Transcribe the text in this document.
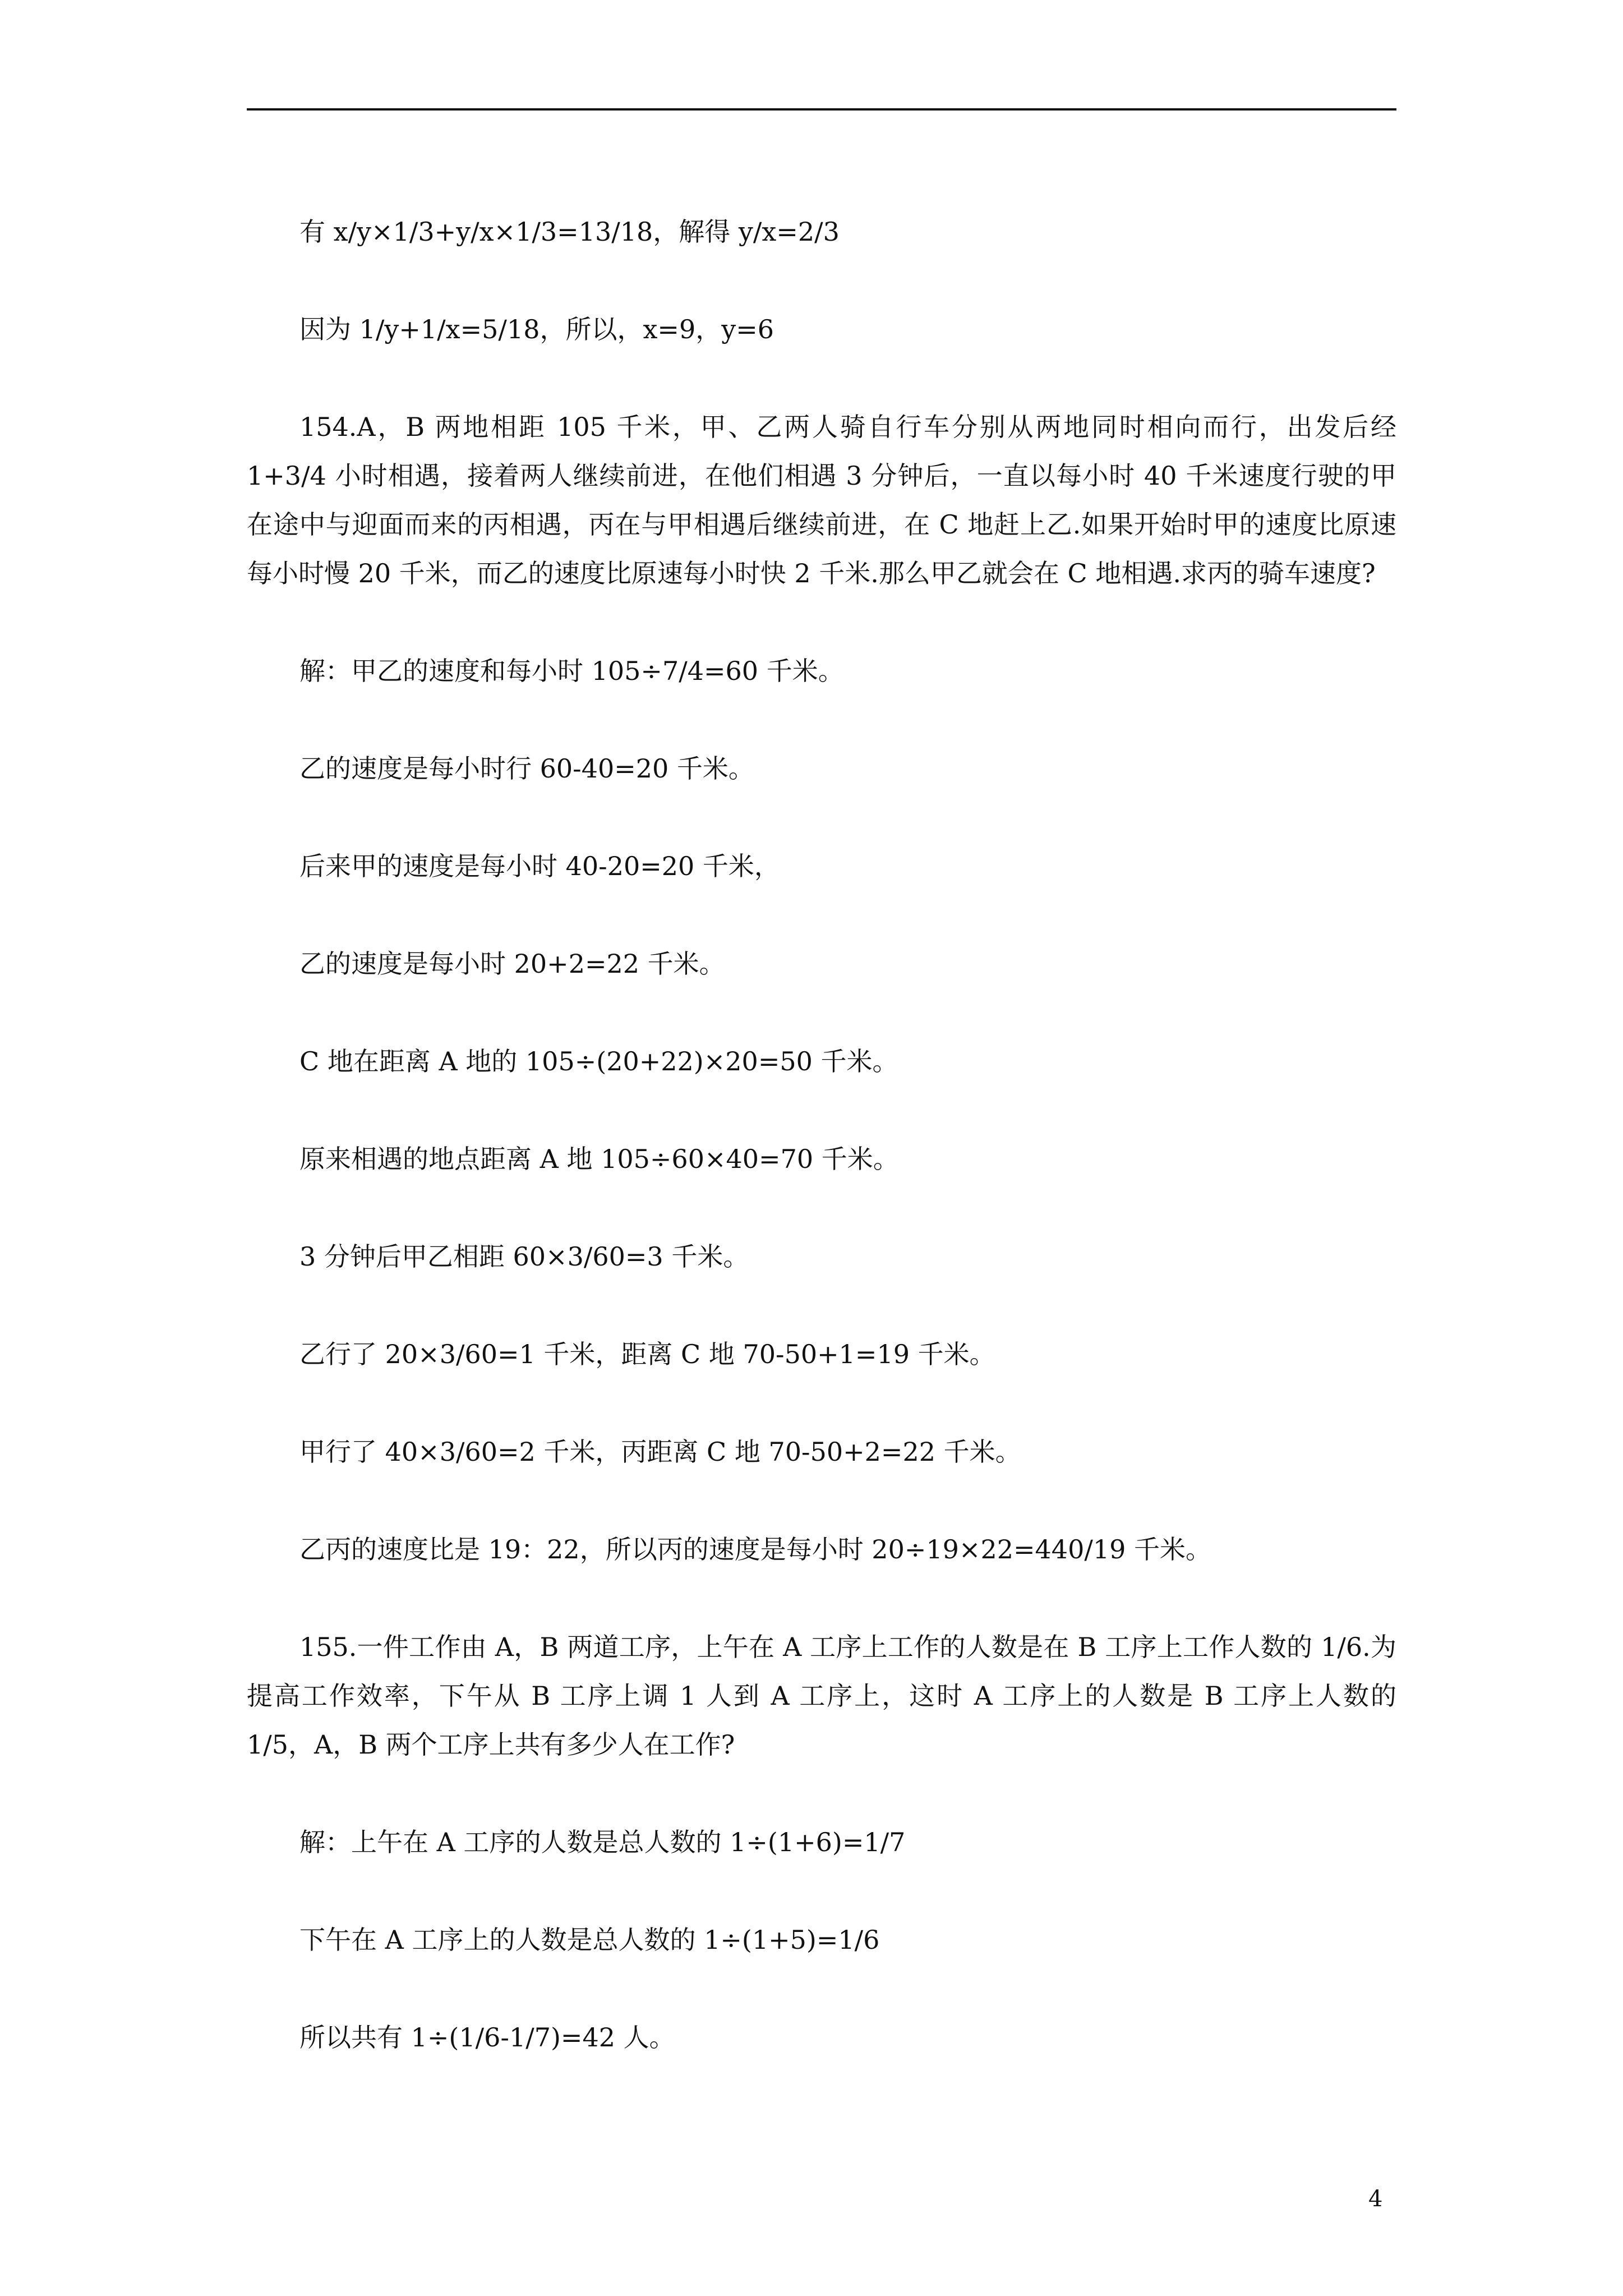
有 x/y×1/3+y/x×1/3=13/18，解得 y/x=2/3

因为 1/y+1/x=5/18，所以，x=9，y=6

154.A，B 两地相距 105 千米，甲、乙两人骑自行车分别从两地同时相向而行，出发后经 1+3/4 小时相遇，接着两人继续前进，在他们相遇 3 分钟后，一直以每小时 40 千米速度行驶的甲在途中与迎面而来的丙相遇，丙在与甲相遇后继续前进，在 C 地赶上乙.如果开始时甲的速度比原速每小时慢 20 千米，而乙的速度比原速每小时快 2 千米.那么甲乙就会在 C 地相遇.求丙的骑车速度?

解：甲乙的速度和每小时 105÷7/4=60 千米。

乙的速度是每小时行 60-40=20 千米。

后来甲的速度是每小时 40-20=20 千米，

乙的速度是每小时 20+2=22 千米。

C 地在距离 A 地的 105÷(20+22)×20=50 千米。

原来相遇的地点距离 A 地 105÷60×40=70 千米。

3 分钟后甲乙相距 60×3/60=3 千米。

乙行了 20×3/60=1 千米，距离 C 地 70-50+1=19 千米。

甲行了 40×3/60=2 千米，丙距离 C 地 70-50+2=22 千米。

乙丙的速度比是 19：22，所以丙的速度是每小时 20÷19×22=440/19 千米。

155.一件工作由 A，B 两道工序，上午在 A 工序上工作的人数是在 B 工序上工作人数的 1/6.为提高工作效率，下午从 B 工序上调 1 人到 A 工序上，这时 A 工序上的人数是 B 工序上人数的 1/5，A，B 两个工序上共有多少人在工作?

解：上午在 A 工序的人数是总人数的 1÷(1+6)=1/7

下午在 A 工序上的人数是总人数的 1÷(1+5)=1/6

所以共有 1÷(1/6-1/7)=42 人。

4
